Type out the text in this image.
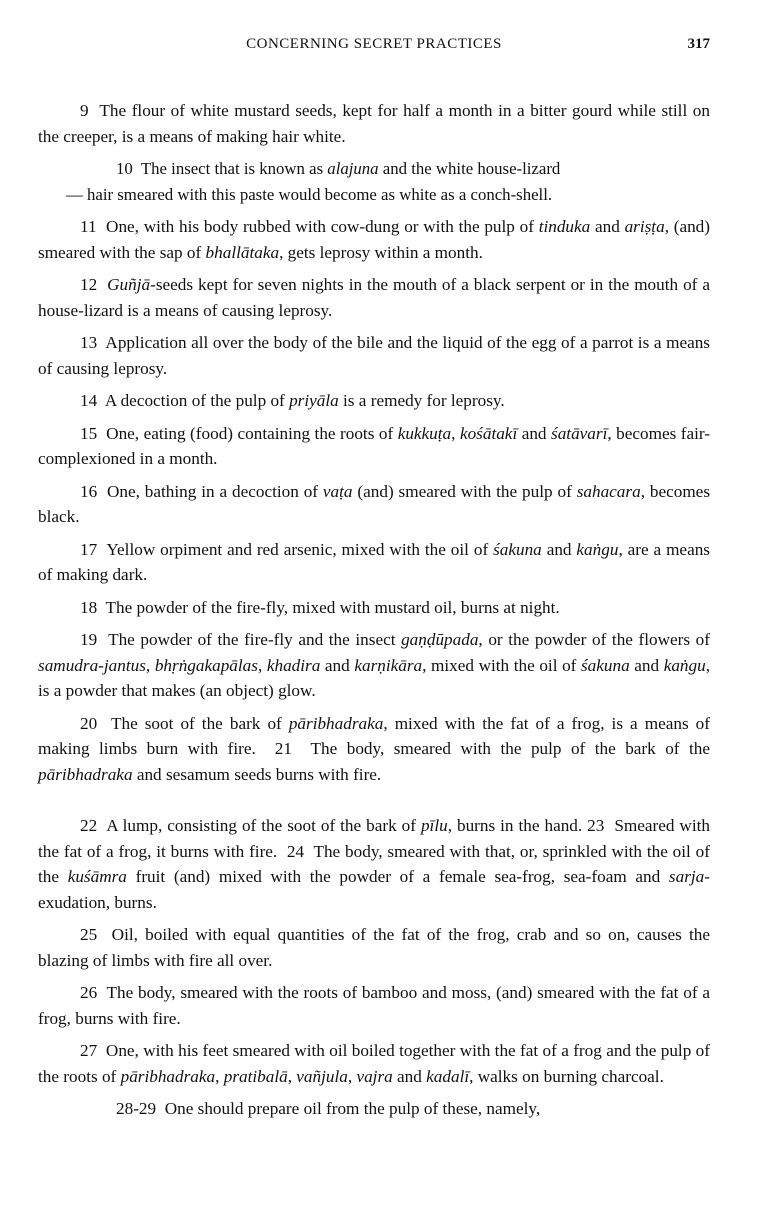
CONCERNING SECRET PRACTICES	317

9  The flour of white mustard seeds, kept for half a month in a bitter gourd while still on the creeper, is a means of making hair white.

10  The insect that is known as alajuna and the white house-lizard

— hair smeared with this paste would become as white as a conch-shell.

11  One, with his body rubbed with cow-dung or with the pulp of tinduka and ariṣṭa, (and) smeared with the sap of bhallātaka, gets leprosy within a month.

12  Guñjā-seeds kept for seven nights in the mouth of a black serpent or in the mouth of a house-lizard is a means of causing leprosy.

13  Application all over the body of the bile and the liquid of the egg of a parrot is a means of causing leprosy.

14  A decoction of the pulp of priyāla is a remedy for leprosy.

15  One, eating (food) containing the roots of kukkuṭa, kośātakī and śatāvarī, becomes fair-complexioned in a month.

16  One, bathing in a decoction of vaṭa (and) smeared with the pulp of sahacara, becomes black.

17  Yellow orpiment and red arsenic, mixed with the oil of śakuna and kaṅgu, are a means of making dark.

18  The powder of the fire-fly, mixed with mustard oil, burns at night.

19  The powder of the fire-fly and the insect gaṇḍūpada, or the powder of the flowers of samudra-jantus, bhṛṅgakapālas, khadira and karṇikāra, mixed with the oil of śakuna and kaṅgu, is a powder that makes (an object) glow.

20  The soot of the bark of pāribhadraka, mixed with the fat of a frog, is a means of making limbs burn with fire.  21  The body, smeared with the pulp of the bark of the pāribhadraka and sesamum seeds burns with fire.

22  A lump, consisting of the soot of the bark of pīlu, burns in the hand. 23  Smeared with the fat of a frog, it burns with fire.  24  The body, smeared with that, or, sprinkled with the oil of the kuśāmra fruit (and) mixed with the powder of a female sea-frog, sea-foam and sarja-exudation, burns.

25  Oil, boiled with equal quantities of the fat of the frog, crab and so on, causes the blazing of limbs with fire all over.

26  The body, smeared with the roots of bamboo and moss, (and) smeared with the fat of a frog, burns with fire.

27  One, with his feet smeared with oil boiled together with the fat of a frog and the pulp of the roots of pāribhadraka, pratibalā, vañjula, vajra and kadalī, walks on burning charcoal.

28-29  One should prepare oil from the pulp of these, namely,
